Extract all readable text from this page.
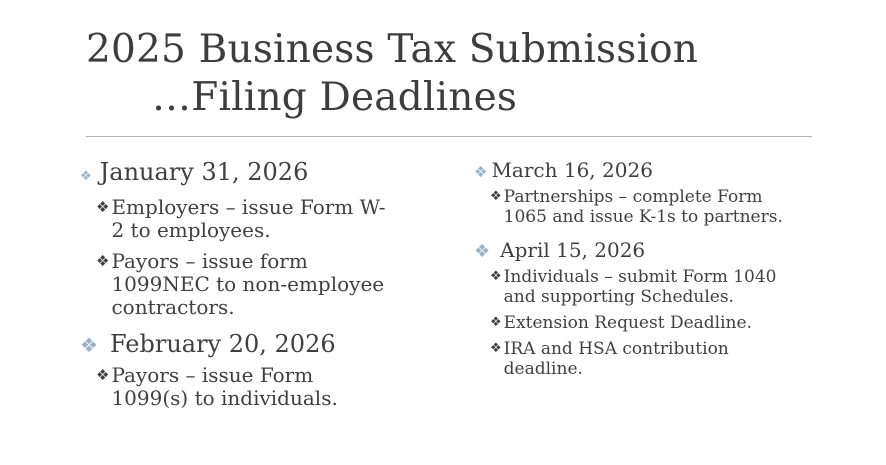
2025 Business Tax Submission
…Filing Deadlines
❖ January 31, 2026
❖ Employers – issue Form W-
2 to employees.
❖ Payors – issue form
1099NEC to non-employee
contractors.
❖ February 20, 2026
❖ Payors – issue Form
1099(s) to individuals.
❖ March 16, 2026
❖ Partnerships – complete Form
1065 and issue K-1s to partners.
❖ April 15, 2026
❖ Individuals – submit Form 1040
and supporting Schedules.
❖ Extension Request Deadline.
❖ IRA and HSA contribution
deadline.
